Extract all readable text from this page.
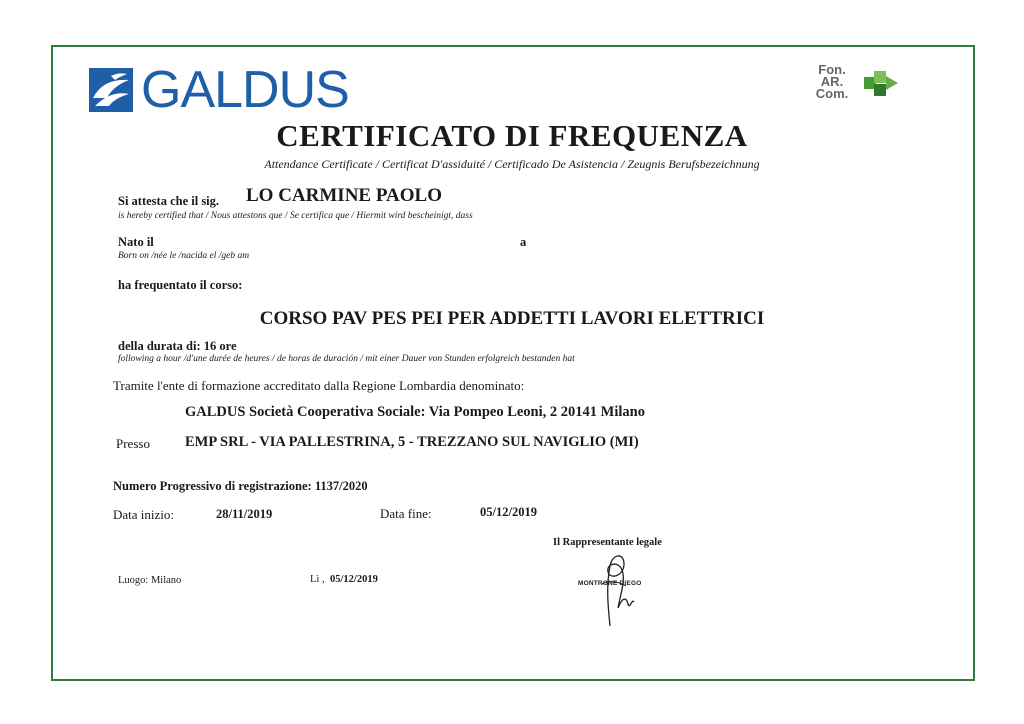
GALDUS	Fon.
AR.
Com.
CERTIFICATO DI FREQUENZA
Attendance Certificate / Certificat D'assiduité / Certificado De Asistencia / Zeugnis Berufsbezeichnung
Si attesta che il sig. LO CARMINE PAOLO
is hereby certified that / Nous attestons que / Se certifica que / Hiermit wird bescheinigt, dass
Nato il	a
Born on /née le /nacida el /geb am
ha frequentato il corso:
CORSO PAV PES PEI PER ADDETTI LAVORI ELETTRICI
della durata di: 16 ore
following a hour /d'une durée de heures / de horas de duración / mit einer Dauer von Stunden erfolgreich bestanden hat
Tramite l'ente di formazione accreditato dalla Regione Lombardia denominato:
GALDUS Società Cooperativa Sociale: Via Pompeo Leoni, 2 20141 Milano
Presso EMP SRL - VIA PALLESTRINA, 5 - TREZZANO SUL NAVIGLIO (MI)
Numero Progressivo di registrazione: 1137/2020
Data inizio:	28/11/2019	Data fine:	05/12/2019
Il Rappresentante legale
MONTRONE DIEGO
Luogo: Milano	Lì , 05/12/2019
